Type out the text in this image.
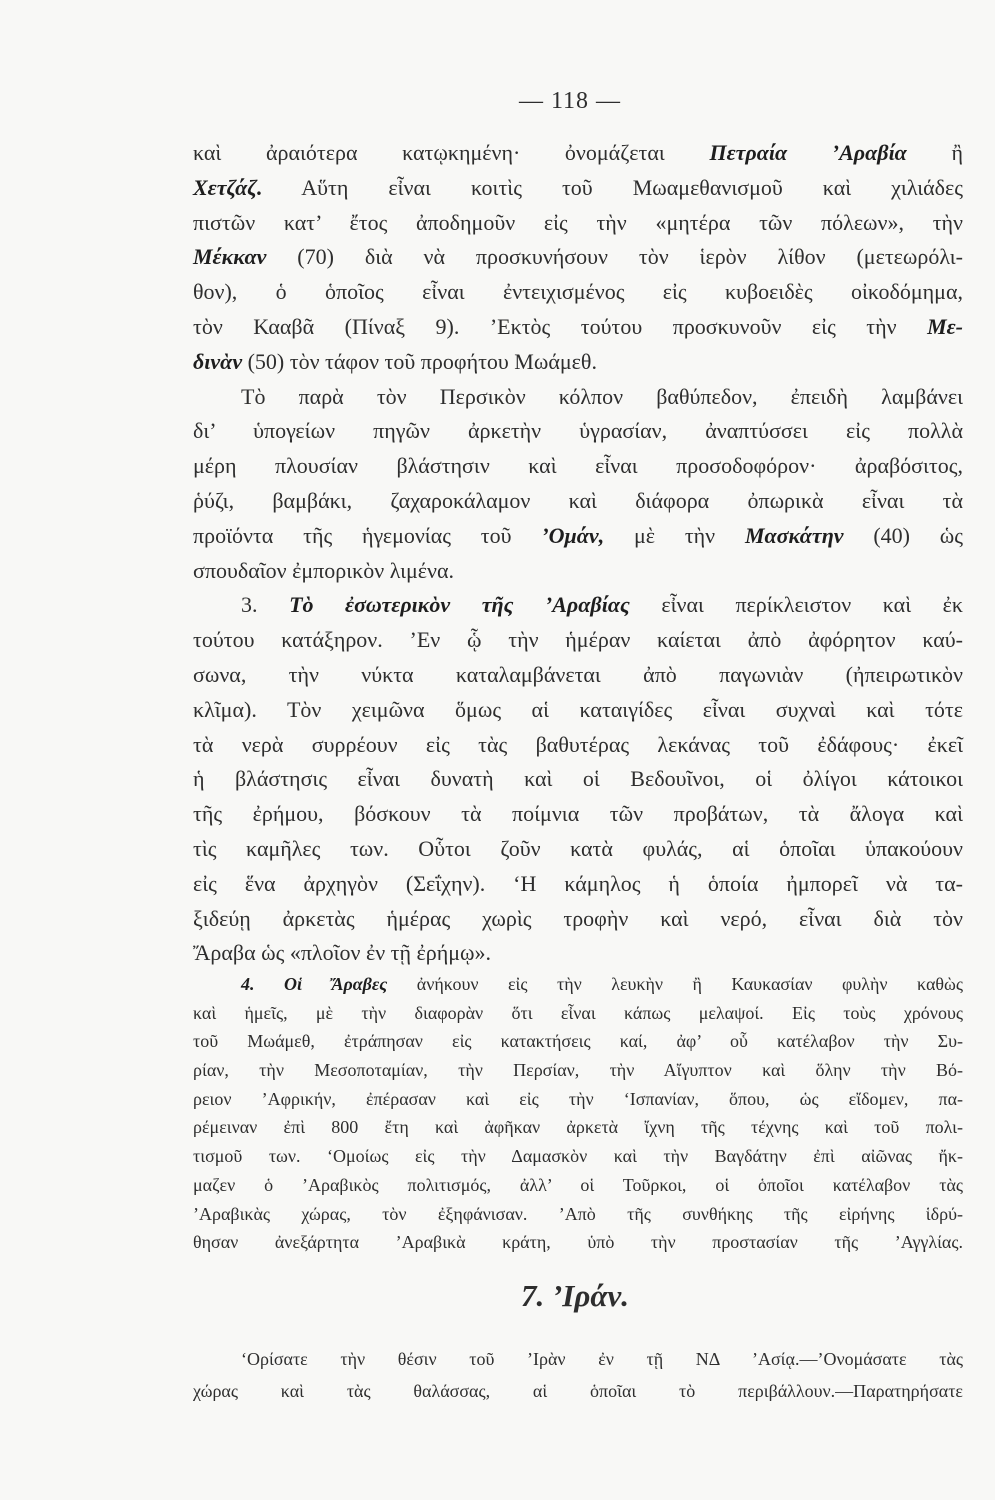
— 118 —
καὶ ἀραιότερα κατῳκημένη· ὀνομάζεται Πετραία ’Αραβία ἢ
Χετζάζ. Αὕτη εἶναι κοιτὶς τοῦ Μωαμεθανισμοῦ καὶ χιλιάδες
πιστῶν κατ’ ἔτος ἀποδημοῦν εἰς τὴν «μητέρα τῶν πόλεων», τὴν
Μέκκαν (70) διὰ νὰ προσκυνήσουν τὸν ἱερὸν λίθον (μετεωρόλι-
θον), ὁ ὁποῖος εἶναι ἐντειχισμένος εἰς κυβοειδὲς οἰκοδόμημα,
τὸν Κααβᾶ (Πίναξ 9). ’Εκτὸς τούτου προσκυνοῦν εἰς τὴν Με-
δινὰν (50) τὸν τάφον τοῦ προφήτου Μωάμεθ.
Τὸ παρὰ τὸν Περσικὸν κόλπον βαθύπεδον, ἐπειδὴ λαμβάνει
δι’ ὑπογείων πηγῶν ἀρκετὴν ὑγρασίαν, ἀναπτύσσει εἰς πολλὰ
μέρη πλουσίαν βλάστησιν καὶ εἶναι προσοδοφόρον· ἀραβόσιτος,
ῥύζι, βαμβάκι, ζαχαροκάλαμον καὶ διάφορα ὀπωρικὰ εἶναι τὰ
προϊόντα τῆς ἡγεμονίας τοῦ ’Ομάν, μὲ τὴν Μασκάτην (40) ὡς
σπουδαῖον ἐμπορικὸν λιμένα.
3. Τὸ ἐσωτερικὸν τῆς ’Αραβίας εἶναι περίκλειστον καὶ ἐκ
τούτου κατάξηρον. ’Εν ᾧ τὴν ἡμέραν καίεται ἀπὸ ἀφόρητον καύ-
σωνα, τὴν νύκτα καταλαμβάνεται ἀπὸ παγωνιὰν (ἠπειρωτικὸν
κλῖμα). Τὸν χειμῶνα ὅμως αἱ καταιγίδες εἶναι συχναὶ καὶ τότε
τὰ νερὰ συρρέουν εἰς τὰς βαθυτέρας λεκάνας τοῦ ἐδάφους· ἐκεῖ
ἡ βλάστησις εἶναι δυνατὴ καὶ οἱ Βεδουῖνοι, οἱ ὀλίγοι κάτοικοι
τῆς ἐρήμου, βόσκουν τὰ ποίμνια τῶν προβάτων, τὰ ἄλογα καὶ
τὶς καμῆλες των. Οὗτοι ζοῦν κατὰ φυλάς, αἱ ὁποῖαι ὑπακούουν
εἰς ἕνα ἀρχηγὸν (Σεΐχην). ‘Η κάμηλος ἡ ὁποία ἠμπορεῖ νὰ τα-
ξιδεύῃ ἀρκετὰς ἡμέρας χωρὶς τροφὴν καὶ νερό, εἶναι διὰ τὸν
Ἄραβα ὡς «πλοῖον ἐν τῇ ἐρήμῳ».
4. Οἱ Ἄραβες ἀνήκουν εἰς τὴν λευκὴν ἢ Καυκασίαν φυλὴν καθὼς
καὶ ἡμεῖς, μὲ τὴν διαφορὰν ὅτι εἶναι κάπως μελαψοί. Εἰς τοὺς χρόνους
τοῦ Μωάμεθ, ἐτράπησαν εἰς κατακτήσεις καί, ἀφ’ οὗ κατέλαβον τὴν Συ-
ρίαν, τὴν Μεσοποταμίαν, τὴν Περσίαν, τὴν Αἴγυπτον καὶ ὅλην τὴν Βό-
ρειον ’Αφρικήν, ἐπέρασαν καὶ εἰς τὴν ‘Ισπανίαν, ὅπου, ὡς εἴδομεν, πα-
ρέμειναν ἐπὶ 800 ἔτη καὶ ἀφῆκαν ἀρκετὰ ἴχνη τῆς τέχνης καὶ τοῦ πολι-
τισμοῦ των. ‘Ομοίως εἰς τὴν Δαμασκὸν καὶ τὴν Βαγδάτην ἐπὶ αἰῶνας ἤκ-
μαζεν ὁ ’Αραβικὸς πολιτισμός, ἀλλ’ οἱ Τοῦρκοι, οἱ ὁποῖοι κατέλαβον τὰς
’Αραβικὰς χώρας, τὸν ἐξηφάνισαν. ’Απὸ τῆς συνθήκης τῆς εἰρήνης ἱδρύ-
θησαν ἀνεξάρτητα ’Αραβικὰ κράτη, ὑπὸ τὴν προστασίαν τῆς ’Αγγλίας.
7. ’Ιράν.
‘Ορίσατε τὴν θέσιν τοῦ ’Ιρὰν ἐν τῇ ΝΔ ’Ασίᾳ.—’Ονομάσατε τὰς
χώρας καὶ τὰς θαλάσσας, αἱ ὁποῖαι τὸ περιβάλλουν.—Παρατηρήσατε
